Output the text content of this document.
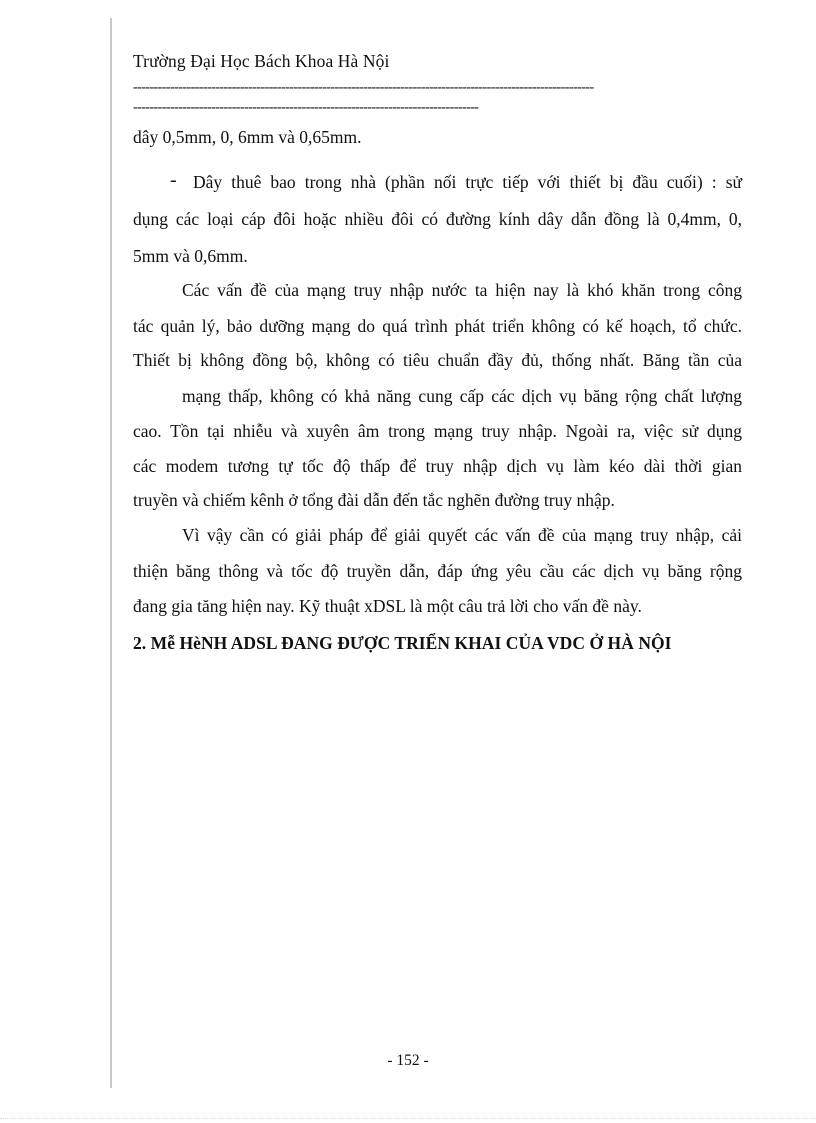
Trường Đại Học Bách Khoa Hà Nội
----------------------------------------------------------------------------------------------------------------
------------------------------------------------------------------------------------
dây 0,5mm, 0, 6mm và 0,65mm.
- Dây thuê bao trong nhà (phần nối trực tiếp với thiết bị đầu cuối) : sử
dụng các loại cáp đôi hoặc nhiều đôi có đường kính dây dẫn đồng là 0,4mm, 0,
5mm và 0,6mm.
Các vấn đề của mạng truy nhập nước ta hiện nay là khó khăn trong công
tác quản lý, bảo dưỡng mạng do quá trình phát triển không có kế hoạch, tổ chức.
Thiết bị không đồng bộ, không có tiêu chuẩn đầy đủ, thống nhất. Băng tần của
mạng thấp, không có khả năng cung cấp các dịch vụ băng rộng chất lượng
cao. Tồn tại nhiễu và xuyên âm trong mạng truy nhập. Ngoài ra, việc sử dụng
các modem tương tự tốc độ thấp để truy nhập dịch vụ làm kéo dài thời gian
truyền và chiếm kênh ở tổng đài dẫn đến tắc nghẽn đường truy nhập.
Vì vậy cần có giải pháp để giải quyết các vấn đề của mạng truy nhập, cải
thiện băng thông và tốc độ truyền dẫn, đáp ứng yêu cầu các dịch vụ băng rộng
đang gia tăng hiện nay. Kỹ thuật xDSL là một câu trả lời cho vấn đề này.
2. Mễ HèNH ADSL ĐANG ĐƯỢC TRIỂN KHAI CỦA VDC Ở HÀ NỘI
- 152 -
